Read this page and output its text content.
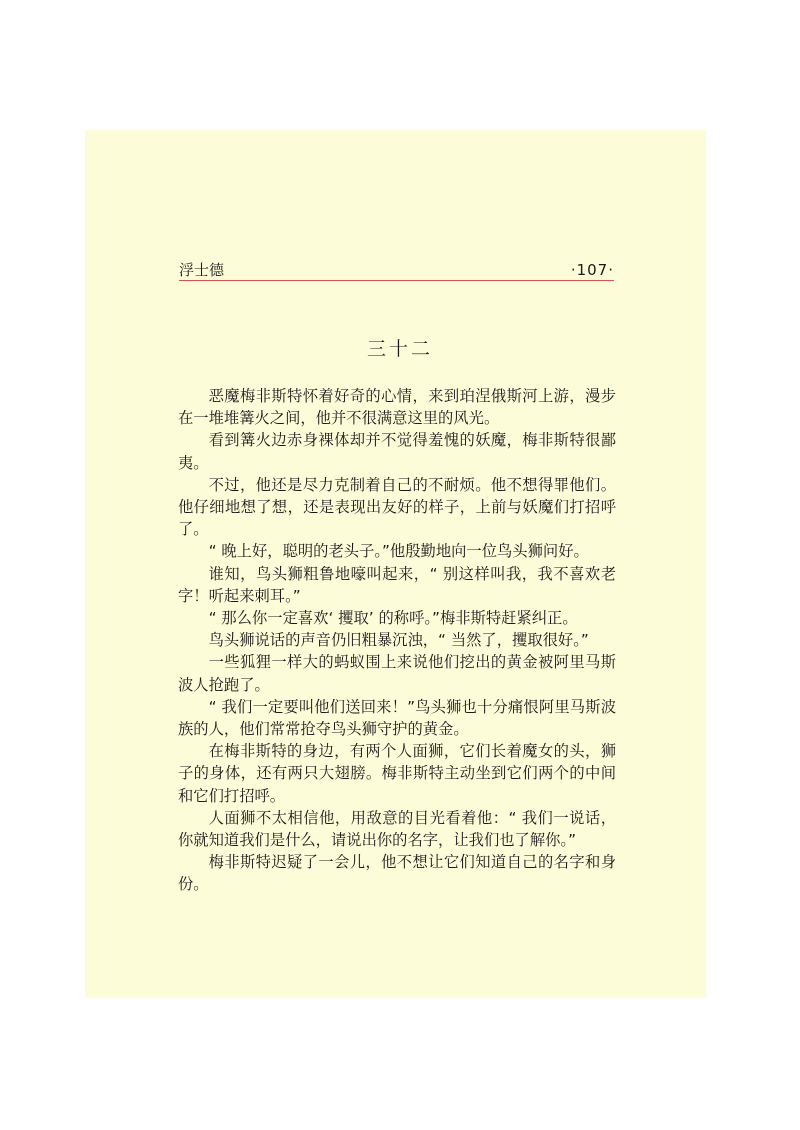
浮士德	·107·
三十二

恶魔梅非斯特怀着好奇的心情，来到珀涅俄斯河上游，漫步在一堆堆篝火之间，他并不很满意这里的风光。

看到篝火边赤身裸体却并不觉得羞愧的妖魔，梅非斯特很鄙夷。

不过，他还是尽力克制着自己的不耐烦。他不想得罪他们。他仔细地想了想，还是表现出友好的样子，上前与妖魔们打招呼了。

“ 晚上好，聪明的老头子。”他殷勤地向一位鸟头狮问好。

谁知，鸟头狮粗鲁地嚎叫起来，“ 别这样叫我，我不喜欢老字！听起来刺耳。”

“ 那么你一定喜欢‘ 攫取’ 的称呼。”梅非斯特赶紧纠正。

鸟头狮说话的声音仍旧粗暴沉浊，“ 当然了，攫取很好。”

一些狐狸一样大的蚂蚁围上来说他们挖出的黄金被阿里马斯波人抢跑了。

“ 我们一定要叫他们送回来！”鸟头狮也十分痛恨阿里马斯波族的人，他们常常抢夺鸟头狮守护的黄金。

在梅非斯特的身边，有两个人面狮，它们长着魔女的头，狮子的身体，还有两只大翅膀。梅非斯特主动坐到它们两个的中间和它们打招呼。

人面狮不太相信他，用敌意的目光看着他：“ 我们一说话，你就知道我们是什么，请说出你的名字，让我们也了解你。”

梅非斯特迟疑了一会儿，他不想让它们知道自己的名字和身份。
